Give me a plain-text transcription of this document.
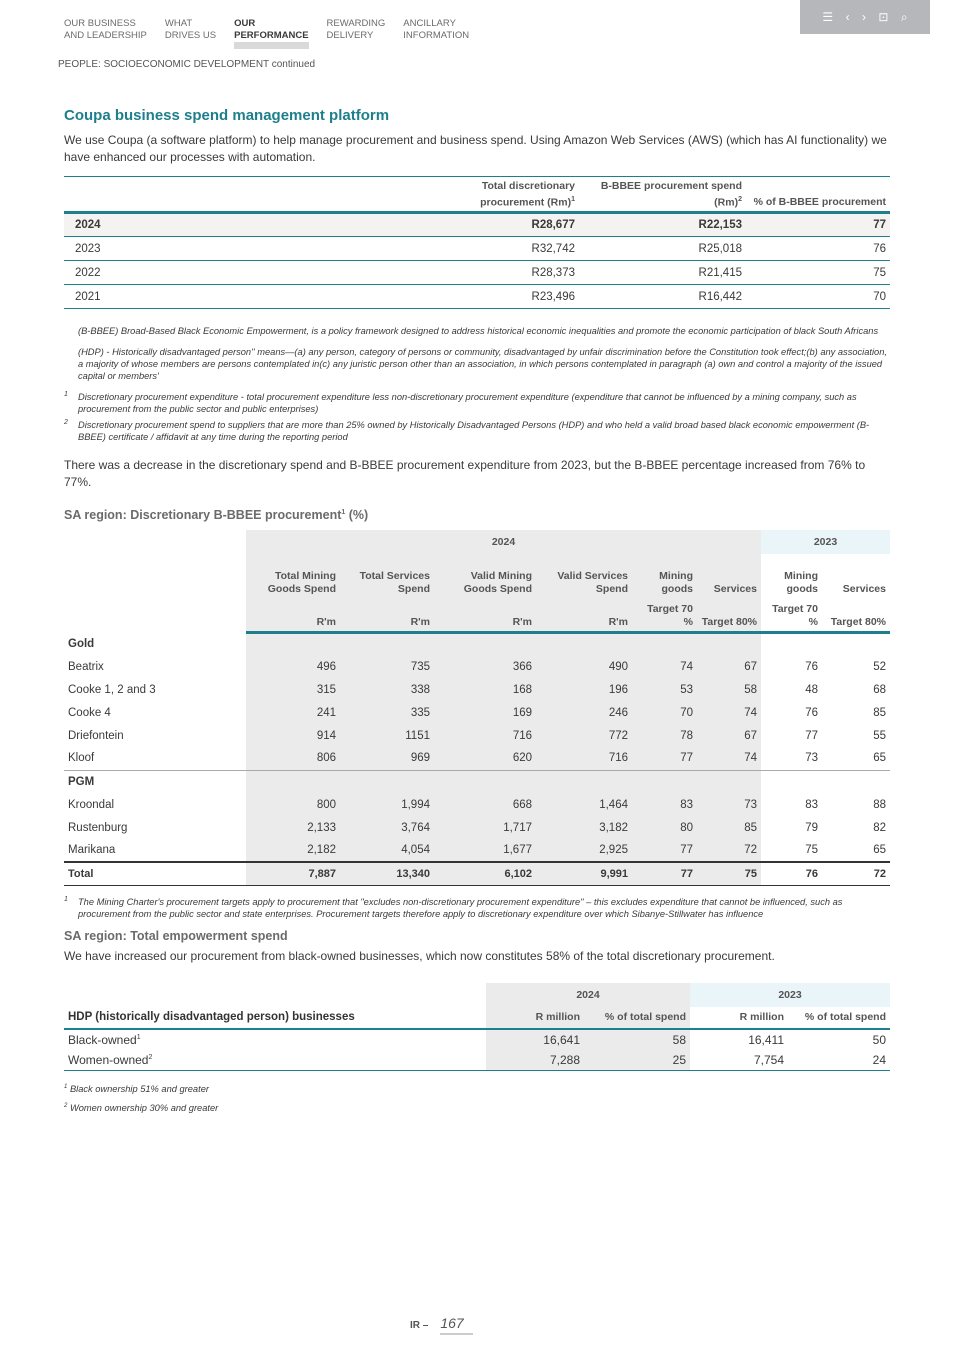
OUR BUSINESS
AND LEADERSHIP
WHAT
DRIVES US
OUR
PERFORMANCE
REWARDING
DELIVERY
ANCILLARY
INFORMATION
☰ ‹ › ⊡ ⌕
PEOPLE: SOCIOECONOMIC DEVELOPMENT continued
Coupa business spend management platform

We use Coupa (a software platform) to help manage procurement and business spend. Using Amazon Web Services (AWS) (which has AI functionality) we have enhanced our processes with automation.

	Total discretionary procurement $(Rm)^1$	B-BBEE procurement spend $(Rm)^2$	% of B-BBEE procurement
2024	R28,677	R22,153	77
2023	R32,742	R25,018	76
2022	R28,373	R21,415	75
2021	R23,496	R16,442	70
(B-BBEE) Broad-Based Black Economic Empowerment, is a policy framework designed to address historical economic inequalities and promote the economic participation of black South Africans
(HDP) - Historically disadvantaged person'' means—(a) any person, category of persons or community, disadvantaged by unfair discrimination before the Constitution took effect;(b) any association, a majority of whose members are persons contemplated in(c) any juristic person other than an association, in which persons contemplated in paragraph (a) own and control a majority of the issued capital or members'
1 Discretionary procurement expenditure - total procurement expenditure less non-discretionary procurement expenditure (expenditure that cannot be influenced by a mining company, such as procurement from the public sector and public enterprises)
2 Discretionary procurement spend to suppliers that are more than 25% owned by Historically Disadvantaged Persons (HDP) and who held a valid broad based black economic empowerment (B-BBEE) certificate / affidavit at any time during the reporting period

There was a decrease in the discretionary spend and B-BBEE procurement expenditure from 2023, but the B-BBEE percentage increased from 76% to 77%.

SA region: Discretionary B-BBEE procurement$^1$ (%)
	2024						2023	
	Total Mining Goods Spend	Total Services Spend	Valid Mining Goods Spend	Valid Services Spend	Mining goods	Services	Mining goods	Services
	R'm	R'm	R'm	R'm	Target 70 %	Target 80%	Target 70 %	Target 80%
Gold								
Beatrix	496	735	366	490	74	67	76	52
Cooke 1, 2 and 3	315	338	168	196	53	58	48	68
Cooke 4	241	335	169	246	70	74	76	85
Driefontein	914	1151	716	772	78	67	77	55
Kloof	806	969	620	716	77	74	73	65
PGM								
Kroondal	800	1,994	668	1,464	83	73	83	88
Rustenburg	2,133	3,764	1,717	3,182	80	85	79	82
Marikana	2,182	4,054	1,677	2,925	77	72	75	65
Total	7,887	13,340	6,102	9,991	77	75	76	72
1 The Mining Charter's procurement targets apply to procurement that "excludes non-discretionary procurement expenditure" – this excludes expenditure that cannot be influenced, such as procurement from the public sector and state enterprises. Procurement targets therefore apply to discretionary expenditure over which Sibanye-Stillwater has influence
SA region: Total empowerment spend

We have increased our procurement from black-owned businesses, which now constitutes 58% of the total discretionary procurement.

	2024		2023	
HDP (historically disadvantaged person) businesses	R million	% of total spend	R million	% of total spend
Black-owned$^1$	16,641	58	16,411	50
Women-owned$^2$	7,288	25	7,754	24
$^1$ Black ownership 51% and greater
$^2$ Women ownership 30% and greater
IR – 167
